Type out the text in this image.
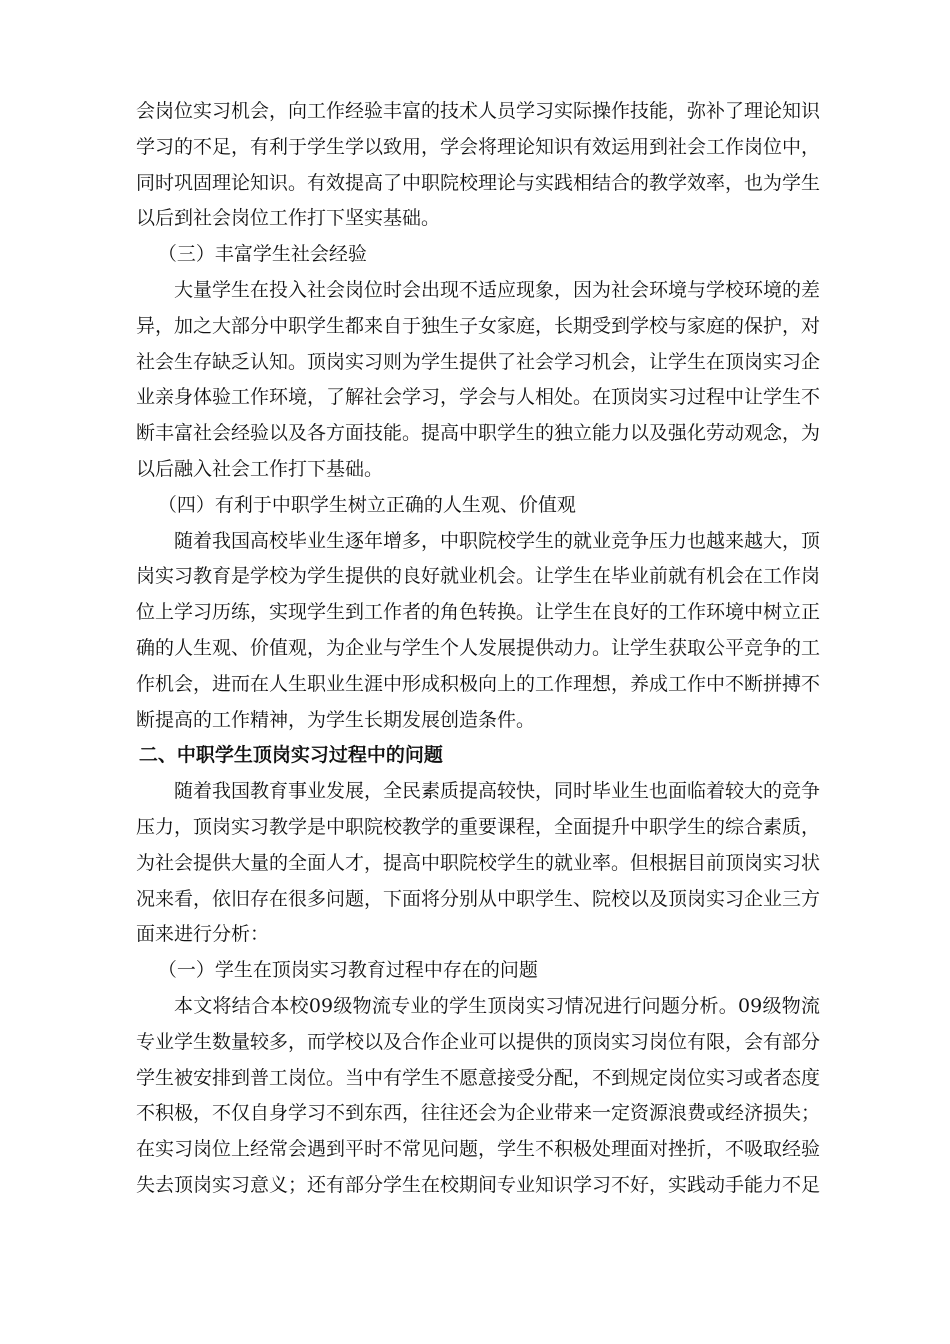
会岗位实习机会，向工作经验丰富的技术人员学习实际操作技能，弥补了理论知识学习的不足，有利于学生学以致用，学会将理论知识有效运用到社会工作岗位中，同时巩固理论知识。有效提高了中职院校理论与实践相结合的教学效率，也为学生以后到社会岗位工作打下坚实基础。

（三）丰富学生社会经验

大量学生在投入社会岗位时会出现不适应现象，因为社会环境与学校环境的差异，加之大部分中职学生都来自于独生子女家庭，长期受到学校与家庭的保护，对社会生存缺乏认知。顶岗实习则为学生提供了社会学习机会，让学生在顶岗实习企业亲身体验工作环境，了解社会学习，学会与人相处。在顶岗实习过程中让学生不断丰富社会经验以及各方面技能。提高中职学生的独立能力以及强化劳动观念，为以后融入社会工作打下基础。

（四）有利于中职学生树立正确的人生观、价值观

随着我国高校毕业生逐年增多，中职院校学生的就业竞争压力也越来越大，顶岗实习教育是学校为学生提供的良好就业机会。让学生在毕业前就有机会在工作岗位上学习历练，实现学生到工作者的角色转换。让学生在良好的工作环境中树立正确的人生观、价值观，为企业与学生个人发展提供动力。让学生获取公平竞争的工作机会，进而在人生职业生涯中形成积极向上的工作理想，养成工作中不断拼搏不断提高的工作精神，为学生长期发展创造条件。

二、中职学生顶岗实习过程中的问题

随着我国教育事业发展，全民素质提高较快，同时毕业生也面临着较大的竞争压力，顶岗实习教学是中职院校教学的重要课程，全面提升中职学生的综合素质，为社会提供大量的全面人才，提高中职院校学生的就业率。但根据目前顶岗实习状况来看，依旧存在很多问题，下面将分别从中职学生、院校以及顶岗实习企业三方面来进行分析：

（一）学生在顶岗实习教育过程中存在的问题

本文将结合本校09级物流专业的学生顶岗实习情况进行问题分析。09级物流专业学生数量较多，而学校以及合作企业可以提供的顶岗实习岗位有限，会有部分学生被安排到普工岗位。当中有学生不愿意接受分配，不到规定岗位实习或者态度不积极，不仅自身学习不到东西，往往还会为企业带来一定资源浪费或经济损失；在实习岗位上经常会遇到平时不常见问题，学生不积极处理面对挫折，不吸取经验失去顶岗实习意义；还有部分学生在校期间专业知识学习不好，实践动手能力不足
